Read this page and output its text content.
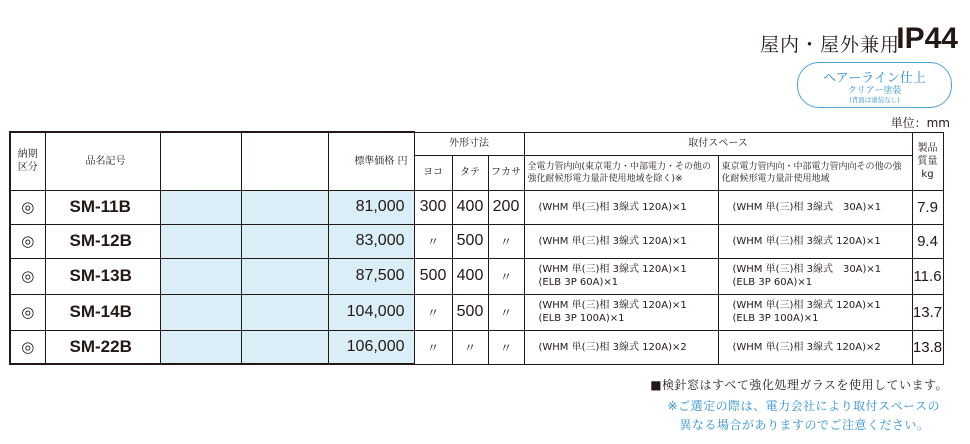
屋内・屋外兼用
IP44
ヘアーライン仕上
クリアー塗装
(背面は塗装なし)
単位：mm
納期
区分	品名記号			標準価格 円	外形寸法			取付スペース		製品質量kg
					ヨコ	タテ	フカサ	全電力管内向(東京電力・中部電力・その他の強化耐候形電力量計使用地域を除く)※	東京電力管内向・中部電力管内向その他の強化耐候形電力量計使用地域	
◎	SM-11B			81,000	300	400	200	(WHM 単(三)相 3線式 120A)×1	(WHM 単(三)相 3線式　30A)×1	7.9
◎	SM-12B			83,000	〃	500	〃	(WHM 単(三)相 3線式 120A)×1	(WHM 単(三)相 3線式 120A)×1	9.4
◎	SM-13B			87,500	500	400	〃	(WHM 単(三)相 3線式 120A)×1
(ELB 3P 60A)×1	(WHM 単(三)相 3線式　30A)×1
(ELB 3P 60A)×1	11.6
◎	SM-14B			104,000	〃	500	〃	(WHM 単(三)相 3線式 120A)×1
(ELB 3P 100A)×1	(WHM 単(三)相 3線式 120A)×1
(ELB 3P 100A)×1	13.7
◎	SM-22B			106,000	〃	〃	〃	(WHM 単(三)相 3線式 120A)×2	(WHM 単(三)相 3線式 120A)×2	13.8
■検針窓はすべて強化処理ガラスを使用しています。
※ご選定の際は、電力会社により取付スペースの
異なる場合がありますのでご注意ください。
